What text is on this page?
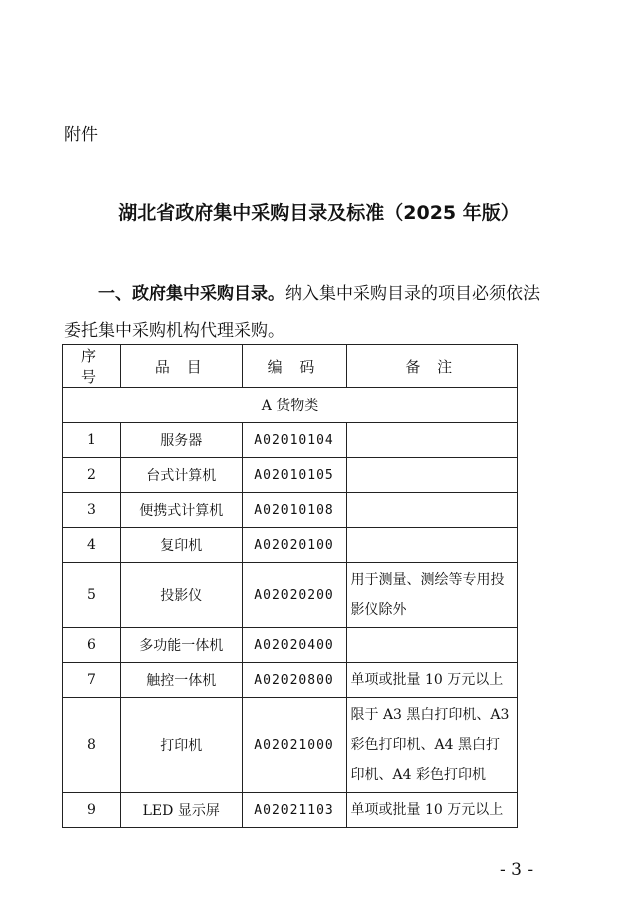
附件
湖北省政府集中采购目录及标准（2025 年版）
一、政府集中采购目录。纳入集中采购目录的项目必须依法委托集中采购机构代理采购。
序 号	品 目	编 码	备 注
A 货物类			
1	服务器	A02010104	
2	台式计算机	A02010105	
3	便携式计算机	A02010108	
4	复印机	A02020100	
5	投影仪	A02020200	用于测量、测绘等专用投影仪除外
6	多功能一体机	A02020400	
7	触控一体机	A02020800	单项或批量 10 万元以上
8	打印机	A02021000	限于 A3 黑白打印机、A3 彩色打印机、A4 黑白打印机、A4 彩色打印机
9	LED 显示屏	A02021103	单项或批量 10 万元以上
- 3 -
